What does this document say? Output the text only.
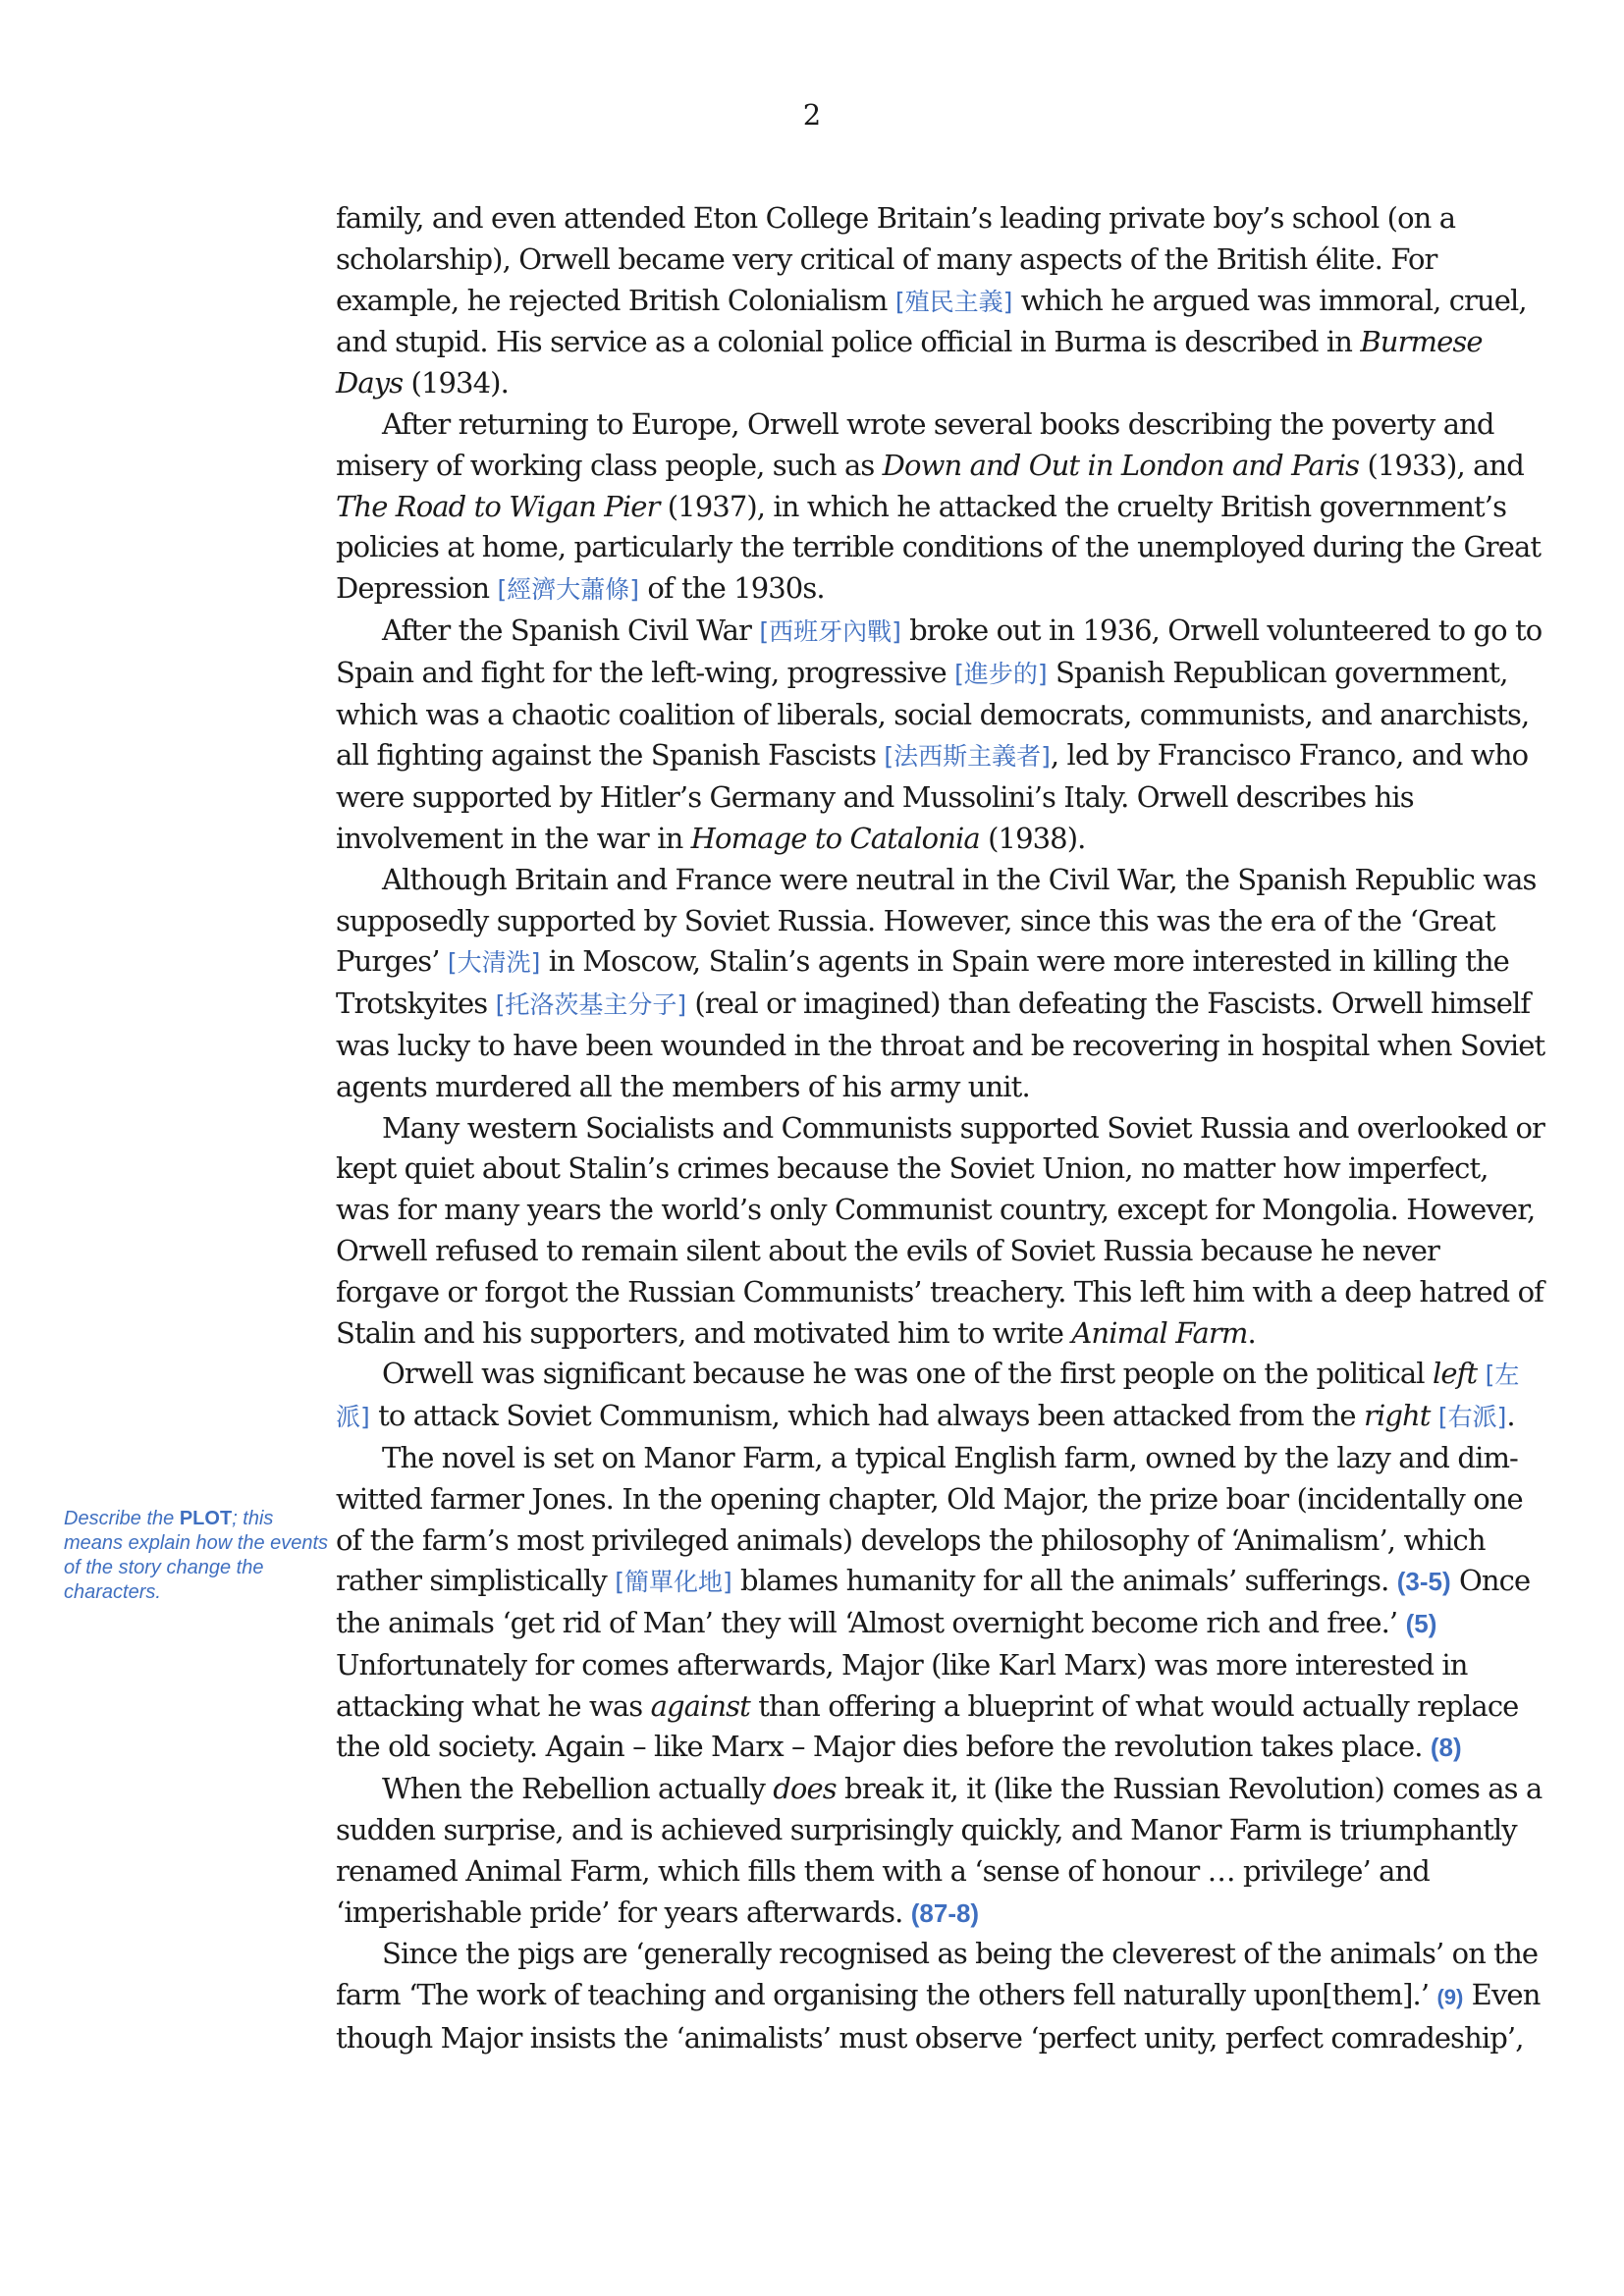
2
Describe the PLOT; this means explain how the events of the story change the characters.

family, and even attended Eton College Britain’s leading private boy’s school (on a scholarship), Orwell became very critical of many aspects of the British élite. For example, he rejected British Colonialism [殖民主義] which he argued was immoral, cruel, and stupid. His service as a colonial police official in Burma is described in Burmese Days (1934).

After returning to Europe, Orwell wrote several books describing the poverty and misery of working class people, such as Down and Out in London and Paris (1933), and The Road to Wigan Pier (1937), in which he attacked the cruelty British government’s policies at home, particularly the terrible conditions of the unemployed during the Great Depression [經濟大蕭條] of the 1930s.

After the Spanish Civil War [西班牙內戰] broke out in 1936, Orwell volunteered to go to Spain and fight for the left-wing, progressive [進步的] Spanish Republican government, which was a chaotic coalition of liberals, social democrats, communists, and anarchists, all fighting against the Spanish Fascists [法西斯主義者], led by Francisco Franco, and who were supported by Hitler’s Germany and Mussolini’s Italy. Orwell describes his involvement in the war in Homage to Catalonia (1938).

Although Britain and France were neutral in the Civil War, the Spanish Republic was supposedly supported by Soviet Russia. However, since this was the era of the ‘Great Purges’ [大清洗] in Moscow, Stalin’s agents in Spain were more interested in killing the Trotskyites [托洛茨基主分子] (real or imagined) than defeating the Fascists. Orwell himself was lucky to have been wounded in the throat and be recovering in hospital when Soviet agents murdered all the members of his army unit.

Many western Socialists and Communists supported Soviet Russia and overlooked or kept quiet about Stalin’s crimes because the Soviet Union, no matter how imperfect, was for many years the world’s only Communist country, except for Mongolia. However, Orwell refused to remain silent about the evils of Soviet Russia because he never forgave or forgot the Russian Communists’ treachery. This left him with a deep hatred of Stalin and his supporters, and motivated him to write Animal Farm.

Orwell was significant because he was one of the first people on the political left [左派] to attack Soviet Communism, which had always been attacked from the right [右派].

The novel is set on Manor Farm, a typical English farm, owned by the lazy and dim-witted farmer Jones. In the opening chapter, Old Major, the prize boar (incidentally one of the farm’s most privileged animals) develops the philosophy of ‘Animalism’, which rather simplistically [簡單化地] blames humanity for all the animals’ sufferings. (3-5) Once the animals ‘get rid of Man’ they will ‘Almost overnight become rich and free.’ (5) Unfortunately for comes afterwards, Major (like Karl Marx) was more interested in attacking what he was against than offering a blueprint of what would actually replace the old society. Again – like Marx – Major dies before the revolution takes place. (8)

When the Rebellion actually does break it, it (like the Russian Revolution) comes as a sudden surprise, and is achieved surprisingly quickly, and Manor Farm is triumphantly renamed Animal Farm, which fills them with a ‘sense of honour … privilege’ and ‘imperishable pride’ for years afterwards. (87-8)

Since the pigs are ‘generally recognised as being the cleverest of the animals’ on the farm ‘The work of teaching and organising the others fell naturally upon[them].’ (9) Even though Major insists the ‘animalists’ must observe ‘perfect unity, perfect comradeship’,
